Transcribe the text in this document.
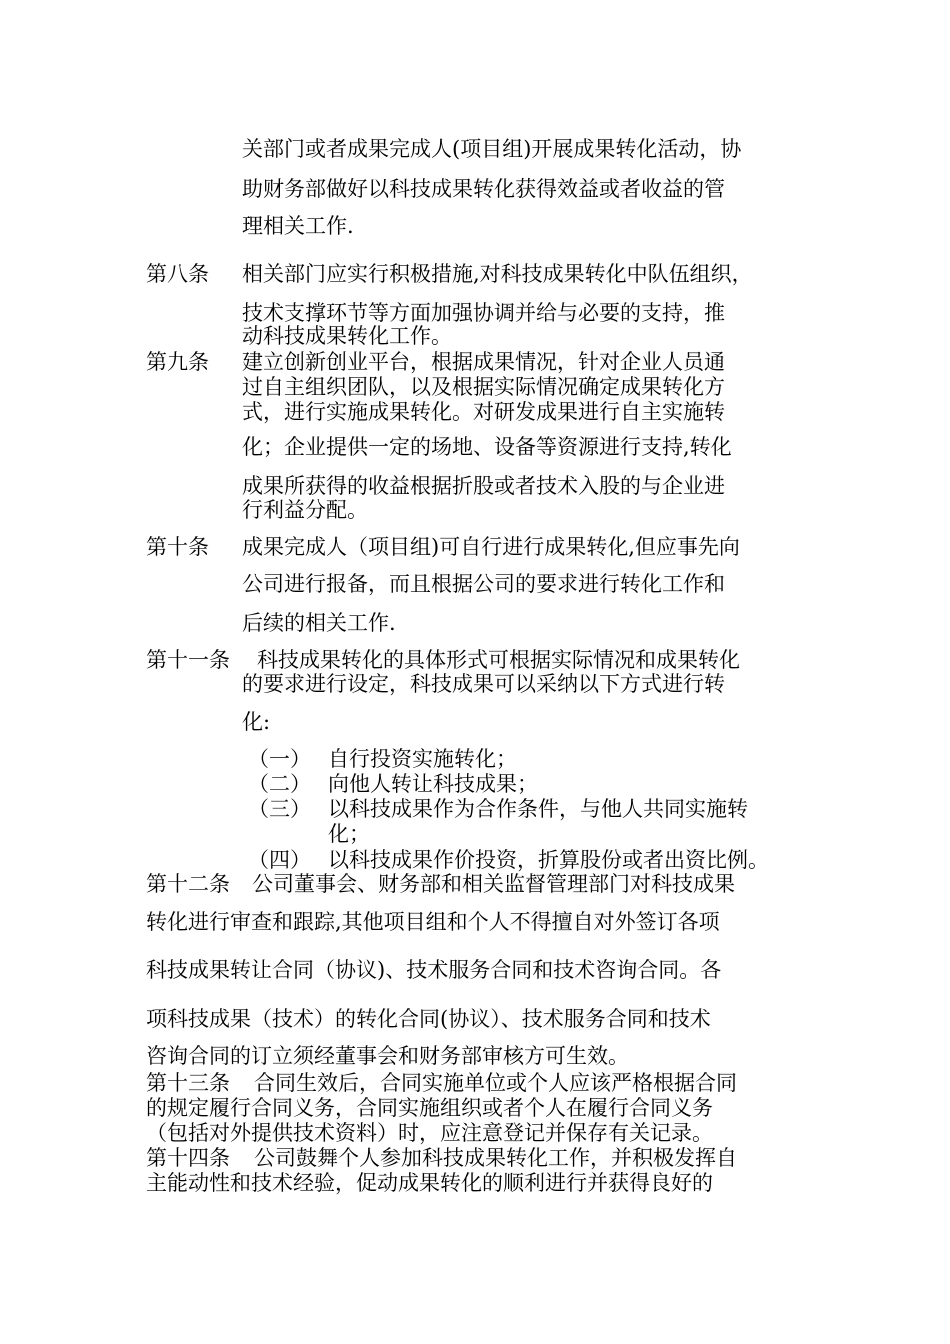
关部门或者成果完成人(项目组)开展成果转化活动，协
助财务部做好以科技成果转化获得效益或者收益的管
理相关工作.
第八条 相关部门应实行积极措施,对科技成果转化中队伍组织，
技术支撑环节等方面加强协调并给与必要的支持，推
动科技成果转化工作。
第九条 建立创新创业平台，根据成果情况，针对企业人员通
过自主组织团队，以及根据实际情况确定成果转化方
式，进行实施成果转化。对研发成果进行自主实施转
化；企业提供一定的场地、设备等资源进行支持,转化
成果所获得的收益根据折股或者技术入股的与企业进
行利益分配。
第十条 成果完成人（项目组)可自行进行成果转化,但应事先向
公司进行报备，而且根据公司的要求进行转化工作和
后续的相关工作.
第十一条 科技成果转化的具体形式可根据实际情况和成果转化
的要求进行设定，科技成果可以采纳以下方式进行转
化:
（一） 自行投资实施转化；
（二） 向他人转让科技成果；
（三） 以科技成果作为合作条件，与他人共同实施转
化；
（四） 以科技成果作价投资，折算股份或者出资比例。
第十二条 公司董事会、财务部和相关监督管理部门对科技成果
转化进行审查和跟踪,其他项目组和个人不得擅自对外签订各项
科技成果转让合同（协议)、技术服务合同和技术咨询合同。各
项科技成果（技术）的转化合同(协议）、技术服务合同和技术
咨询合同的订立须经董事会和财务部审核方可生效。
第十三条 合同生效后，合同实施单位或个人应该严格根据合同
的规定履行合同义务，合同实施组织或者个人在履行合同义务
（包括对外提供技术资料）时，应注意登记并保存有关记录。
第十四条 公司鼓舞个人参加科技成果转化工作，并积极发挥自
主能动性和技术经验，促动成果转化的顺利进行并获得良好的
